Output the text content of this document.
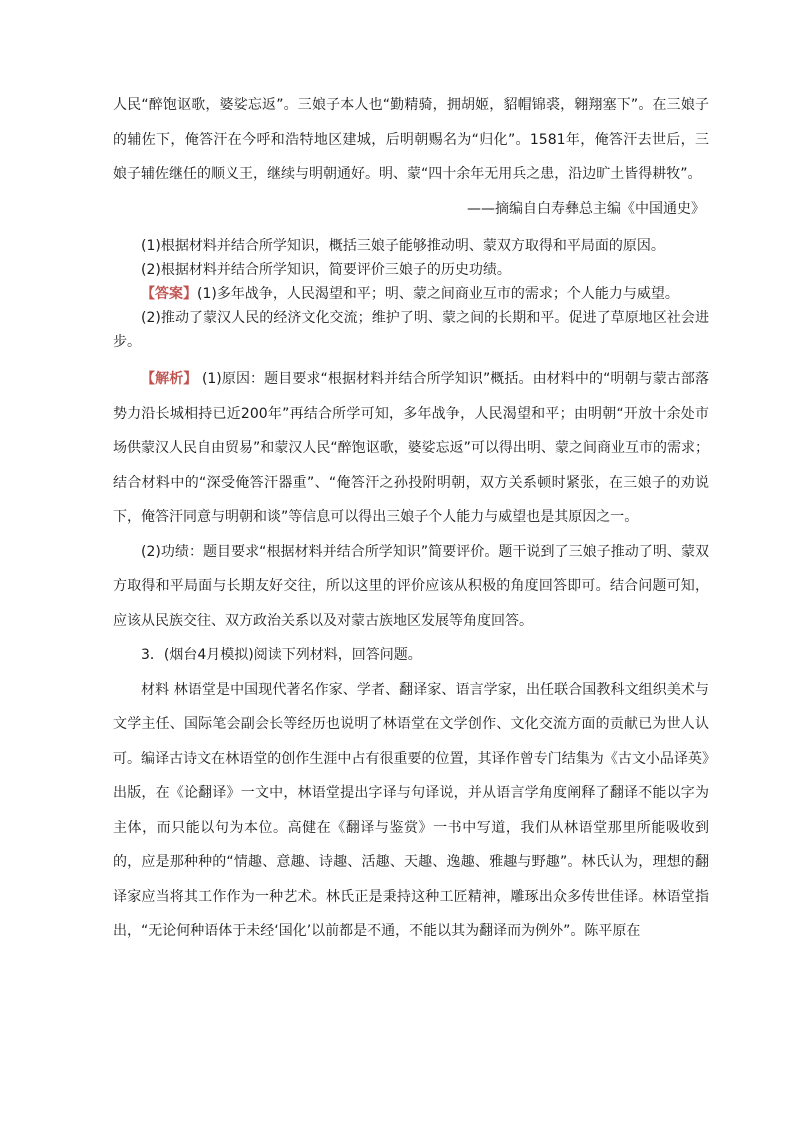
人民“醉饱讴歌，婆娑忘返”。三娘子本人也“勤精骑，拥胡姬，貂帽锦裘，翱翔塞下”。在三娘子的辅佐下，俺答汗在今呼和浩特地区建城，后明朝赐名为“归化”。1581年，俺答汗去世后，三娘子辅佐继任的顺义王，继续与明朝通好。明、蒙“四十余年无用兵之患，沿边旷土皆得耕牧”。

——摘编自白寿彝总主编《中国通史》

(1)根据材料并结合所学知识，概括三娘子能够推动明、蒙双方取得和平局面的原因。

(2)根据材料并结合所学知识，简要评价三娘子的历史功绩。

【答案】(1)多年战争，人民渴望和平；明、蒙之间商业互市的需求；个人能力与威望。

(2)推动了蒙汉人民的经济文化交流；维护了明、蒙之间的长期和平。促进了草原地区社会进步。

【解析】 (1)原因：题目要求“根据材料并结合所学知识”概括。由材料中的“明朝与蒙古部落势力沿长城相持已近200年”再结合所学可知，多年战争，人民渴望和平；由明朝“开放十余处市场供蒙汉人民自由贸易”和蒙汉人民“醉饱讴歌，婆娑忘返”可以得出明、蒙之间商业互市的需求；结合材料中的“深受俺答汗器重”、“俺答汗之孙投附明朝，双方关系顿时紧张，在三娘子的劝说下，俺答汗同意与明朝和谈”等信息可以得出三娘子个人能力与威望也是其原因之一。

(2)功绩：题目要求“根据材料并结合所学知识”简要评价。题干说到了三娘子推动了明、蒙双方取得和平局面与长期友好交往，所以这里的评价应该从积极的角度回答即可。结合问题可知，应该从民族交往、双方政治关系以及对蒙古族地区发展等角度回答。

3．(烟台4月模拟)阅读下列材料，回答问题。

材料 林语堂是中国现代著名作家、学者、翻译家、语言学家，出任联合国教科文组织美术与文学主任、国际笔会副会长等经历也说明了林语堂在文学创作、文化交流方面的贡献已为世人认可。编译古诗文在林语堂的创作生涯中占有很重要的位置，其译作曾专门结集为《古文小品译英》出版，在《论翻译》一文中，林语堂提出字译与句译说，并从语言学角度阐释了翻译不能以字为主体，而只能以句为本位。高健在《翻译与鉴赏》一书中写道，我们从林语堂那里所能吸收到的，应是那种种的“情趣、意趣、诗趣、活趣、天趣、逸趣、雅趣与野趣”。林氏认为，理想的翻译家应当将其工作作为一种艺术。林氏正是秉持这种工匠精神，雕琢出众多传世佳译。林语堂指出，“无论何种语体于未经‘国化’以前都是不通，不能以其为翻译而为例外”。陈平原在
